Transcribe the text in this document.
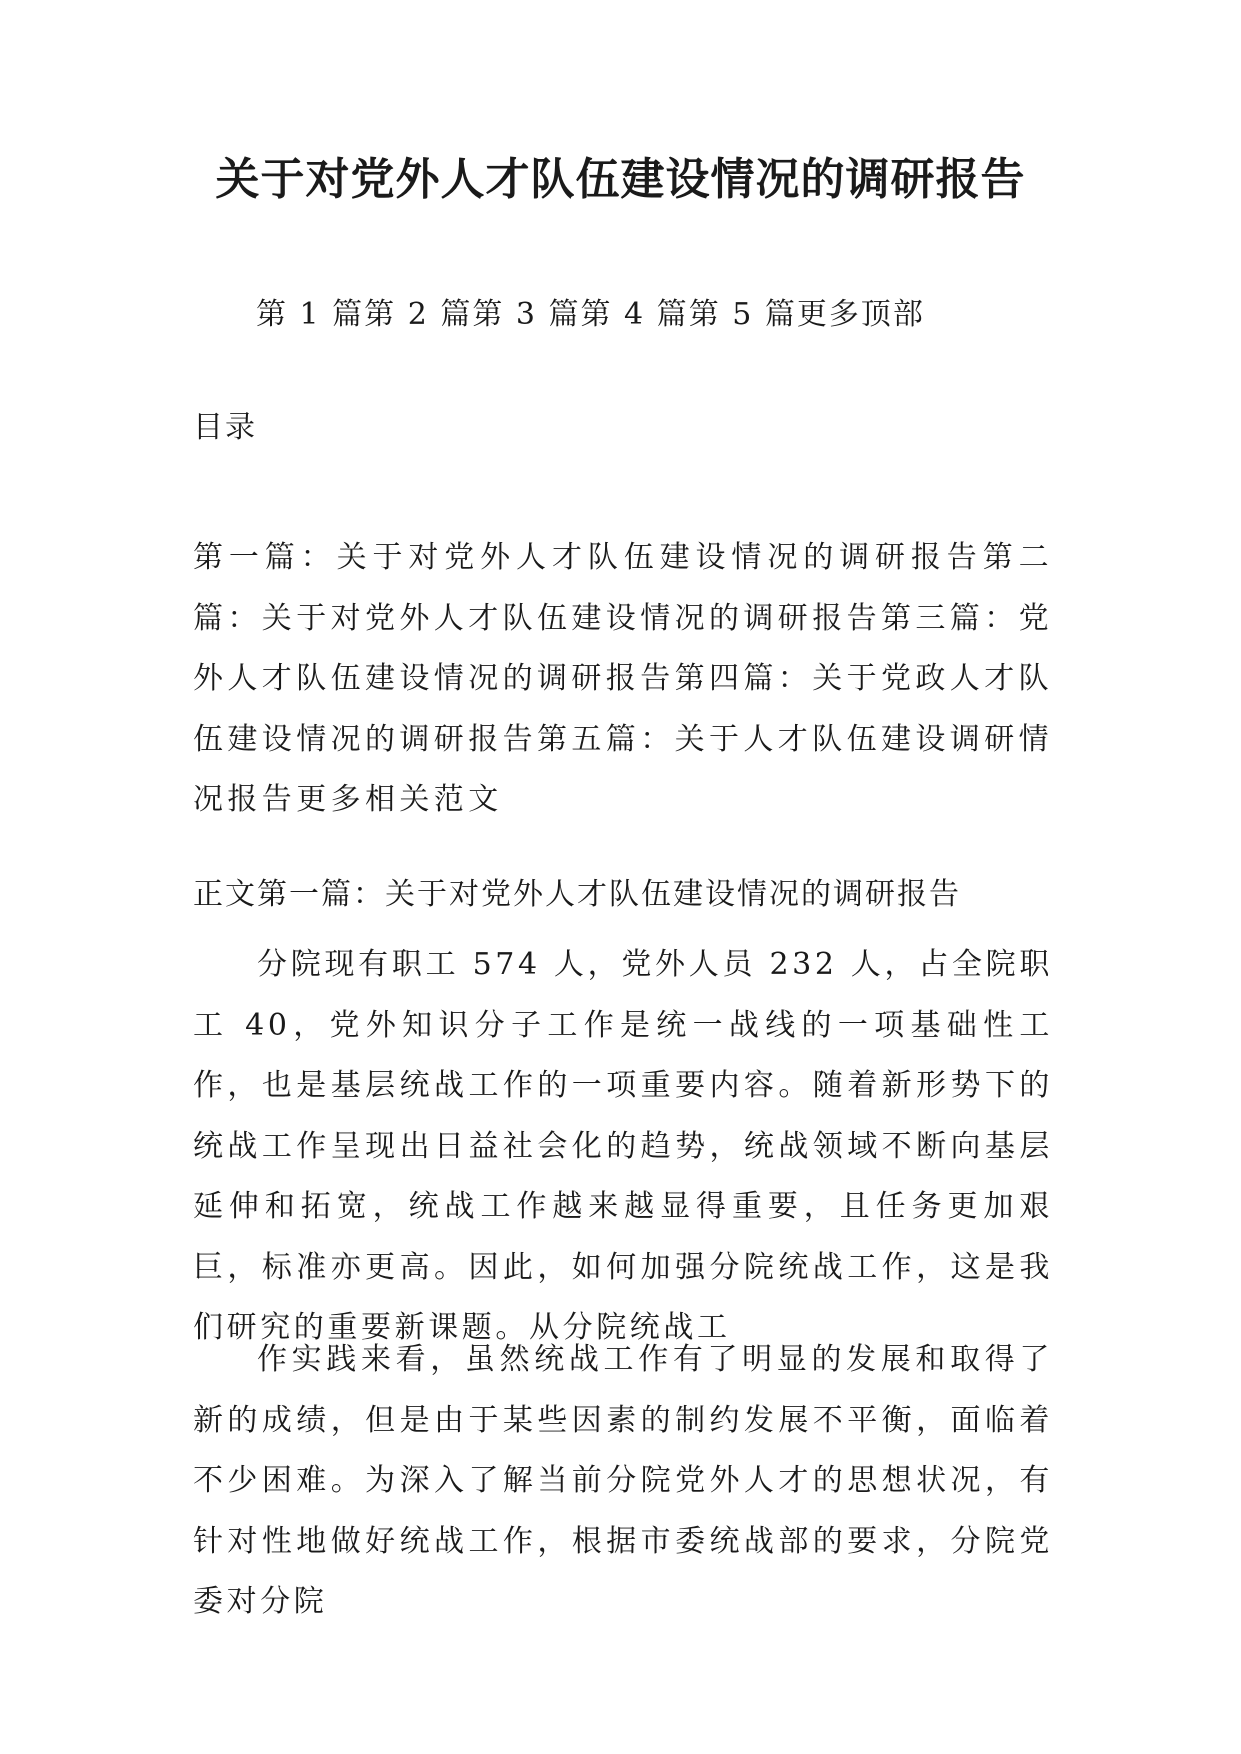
关于对党外人才队伍建设情况的调研报告
第 1 篇第 2 篇第 3 篇第 4 篇第 5 篇更多顶部
目录
第一篇：关于对党外人才队伍建设情况的调研报告第二篇：关于对党外人才队伍建设情况的调研报告第三篇：党外人才队伍建设情况的调研报告第四篇：关于党政人才队伍建设情况的调研报告第五篇：关于人才队伍建设调研情况报告更多相关范文
正文第一篇：关于对党外人才队伍建设情况的调研报告
分院现有职工 574 人，党外人员 232 人，占全院职工 40，党外知识分子工作是统一战线的一项基础性工作，也是基层统战工作的一项重要内容。随着新形势下的统战工作呈现出日益社会化的趋势，统战领域不断向基层延伸和拓宽，统战工作越来越显得重要，且任务更加艰巨，标准亦更高。因此，如何加强分院统战工作，这是我们研究的重要新课题。从分院统战工
作实践来看，虽然统战工作有了明显的发展和取得了新的成绩，但是由于某些因素的制约发展不平衡，面临着不少困难。为深入了解当前分院党外人才的思想状况，有针对性地做好统战工作，根据市委统战部的要求，分院党委对分院
